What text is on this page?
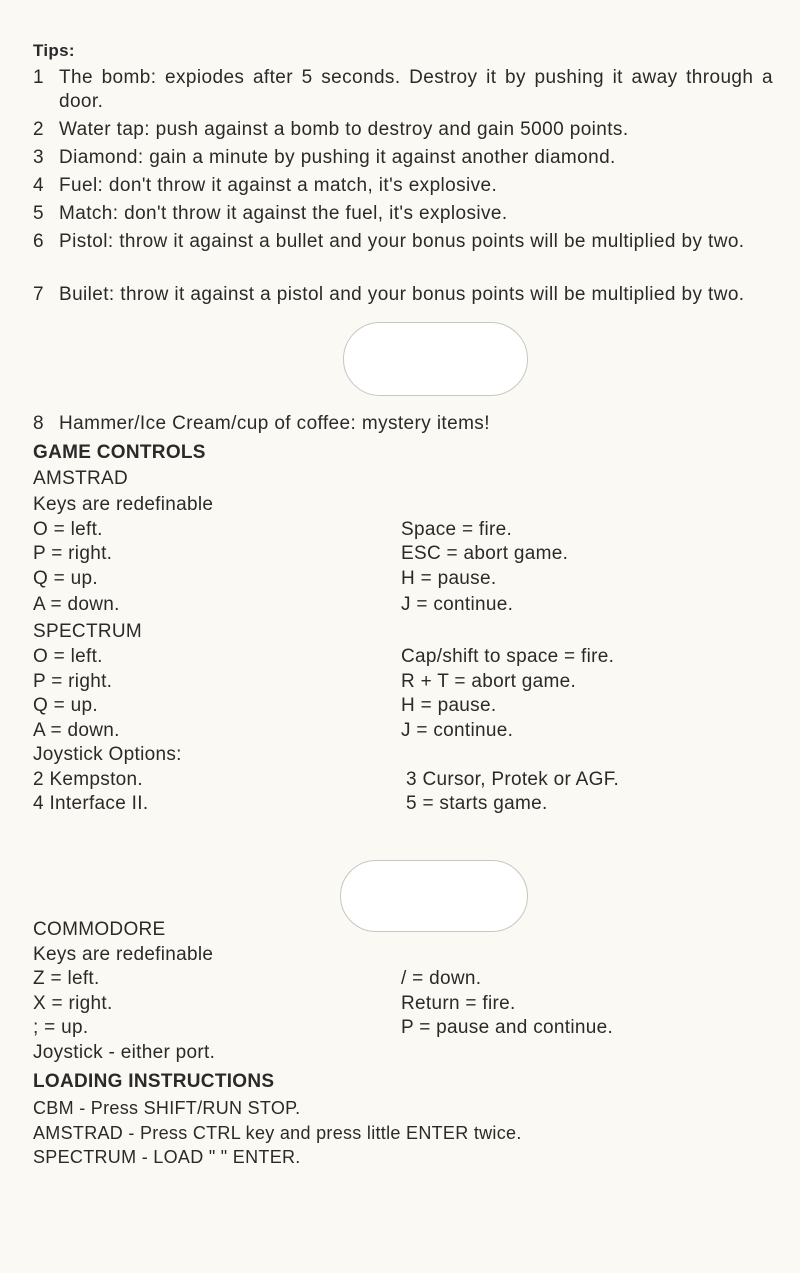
Tips:
1 The bomb: expiodes after 5 seconds. Destroy it by pushing it away through a door.
2 Water tap: push against a bomb to destroy and gain 5000 points.
3 Diamond: gain a minute by pushing it against another diamond.
4 Fuel: don't throw it against a match, it's explosive.
5 Match: don't throw it against the fuel, it's explosive.
6 Pistol: throw it against a bullet and your bonus points will be multiplied by two.
7 Builet: throw it against a pistol and your bonus points will be multiplied by two.
8 Hammer/Ice Cream/cup of coffee: mystery items!
GAME CONTROLS
AMSTRAD
Keys are redefinable
O = left.
P = right.
Q = up.
A = down.
Space = fire.
ESC = abort game.
H = pause.
J = continue.
SPECTRUM
O = left.
P = right.
Q = up.
A = down.
Cap/shift to space = fire.
R + T = abort game.
H = pause.
J = continue.
Joystick Options:
2 Kempston.
4 Interface II.
3 Cursor, Protek or AGF.
5 = starts game.
COMMODORE
Keys are redefinable
Z = left.
X = right.
; = up.
/ = down.
Return = fire.
P = pause and continue.
Joystick - either port.
LOADING INSTRUCTIONS
CBM - Press SHIFT/RUN STOP.
AMSTRAD - Press CTRL key and press little ENTER twice.
SPECTRUM - LOAD " " ENTER.
